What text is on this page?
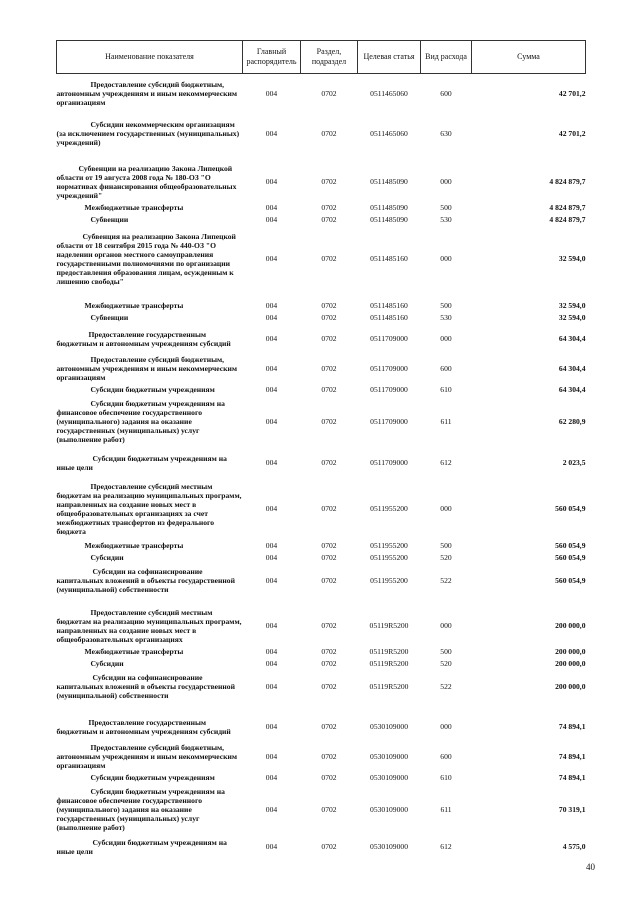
Наименование показателя	Главный распорядитель	Раздел, подраздел	Целевая статья	Вид расхода	Сумма
Предоставление субсидий бюджетным, автономным учреждениям и иным некоммерческим организациям	004	0702	0511465060	600	42 701,2
Субсидии некоммерческим организациям (за исключением государственных (муниципальных) учреждений)	004	0702	0511465060	630	42 701,2

Субвенции на реализацию Закона Липецкой области от 19 августа 2008 года № 180-ОЗ "О нормативах финансирования общеобразовательных учреждений"	004	0702	0511485090	000	4 824 879,7
Межбюджетные трансферты	004	0702	0511485090	500	4 824 879,7
Субвенции	004	0702	0511485090	530	4 824 879,7
Субвенция на реализацию Закона Липецкой области от 18 сентября 2015 года № 440-ОЗ "О наделении органов местного самоуправления государственными полномочиями по организации предоставления образования лицам, осужденным к лишению свободы"	004	0702	0511485160	000	32 594,0

Межбюджетные трансферты	004	0702	0511485160	500	32 594,0
Субвенции	004	0702	0511485160	530	32 594,0
Предоставление государственным бюджетным и автономным учреждениям субсидий	004	0702	0511709000	000	64 304,4
Предоставление субсидий бюджетным, автономным учреждениям и иным некоммерческим организациям	004	0702	0511709000	600	64 304,4
Субсидии бюджетным учреждениям	004	0702	0511709000	610	64 304,4
Субсидии бюджетным учреждениям на финансовое обеспечение государственного (муниципального) задания на оказание государственных (муниципальных) услуг (выполнение работ)	004	0702	0511709000	611	62 280,9

Субсидии бюджетным учреждениям на иные цели	004	0702	0511709000	612	2 023,5

Предоставление субсидий местным бюджетам на реализацию муниципальных программ, направленных на создание новых мест в общеобразовательных организациях за счет межбюджетных трансфертов из федерального бюджета	004	0702	0511955200	000	560 054,9
Межбюджетные трансферты	004	0702	0511955200	500	560 054,9
Субсидии	004	0702	0511955200	520	560 054,9
Субсидии на софинансирование капитальных вложений в объекты государственной (муниципальной) собственности	004	0702	0511955200	522	560 054,9

Предоставление субсидий местным бюджетам на реализацию муниципальных программ, направленных на создание новых мест в общеобразовательных организациях	004	0702	05119R5200	000	200 000,0
Межбюджетные трансферты	004	0702	05119R5200	500	200 000,0
Субсидии	004	0702	05119R5200	520	200 000,0
Субсидии на софинансирование капитальных вложений в объекты государственной (муниципальной) собственности	004	0702	05119R5200	522	200 000,0

Предоставление государственным бюджетным и автономным учреждениям субсидий	004	0702	0530109000	000	74 894,1
Предоставление субсидий бюджетным, автономным учреждениям и иным некоммерческим организациям	004	0702	0530109000	600	74 894,1
Субсидии бюджетным учреждениям	004	0702	0530109000	610	74 894,1
Субсидии бюджетным учреждениям на финансовое обеспечение государственного (муниципального) задания на оказание государственных (муниципальных) услуг (выполнение работ)	004	0702	0530109000	611	70 319,1
Субсидии бюджетным учреждениям на иные цели	004	0702	0530109000	612	4 575,0
40
